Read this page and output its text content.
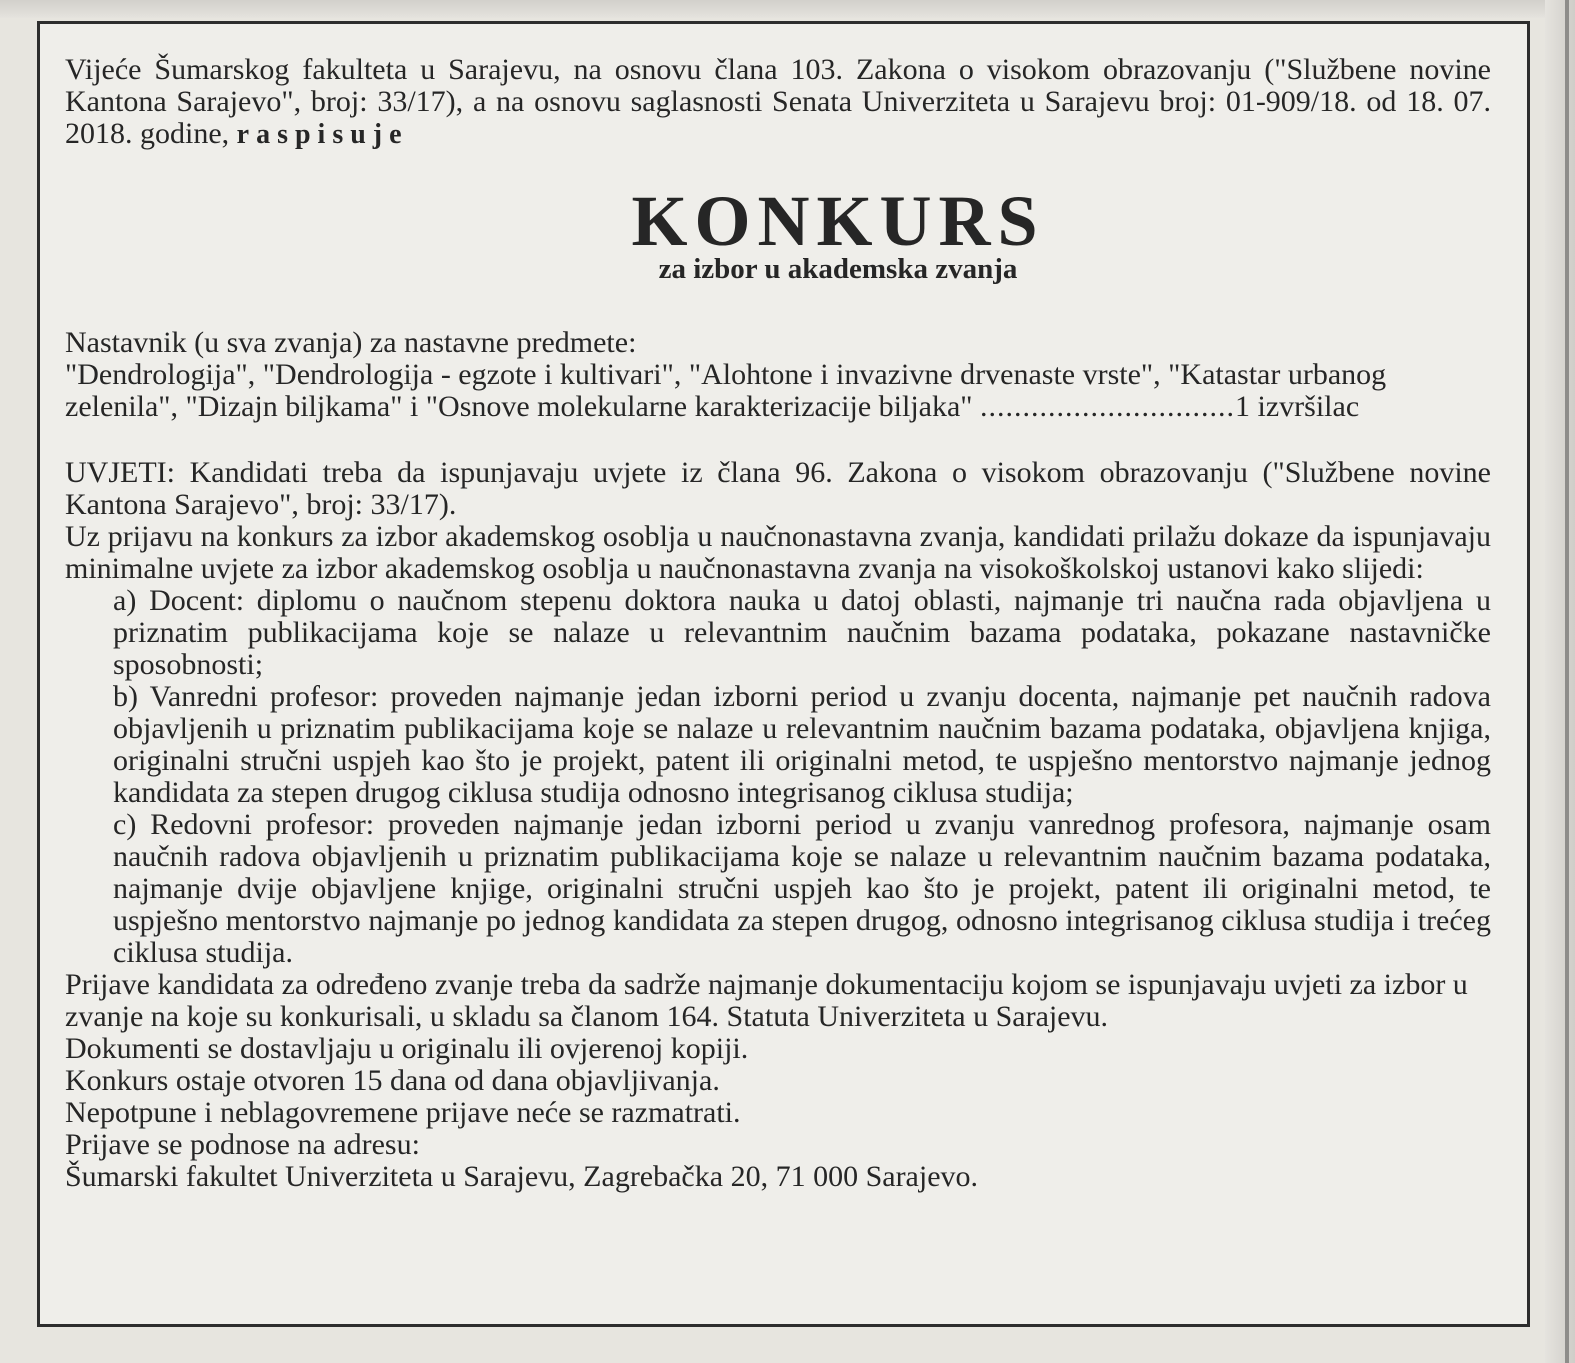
Vijeće Šumarskog fakulteta u Sarajevu, na osnovu člana 103. Zakona o visokom obrazovanju ("Službene novine Kantona Sarajevo", broj: 33/17), a na osnovu saglasnosti Senata Univerziteta u Sarajevu broj: 01-909/18. od 18. 07. 2018. godine, raspisuje

KONKURS

za izbor u akademska zvanja

Nastavnik (u sva zvanja) za nastavne predmete:

"Dendrologija", "Dendrologija - egzote i kultivari", "Alohtone i invazivne drvenaste vrste", "Katastar urbanog zelenila", "Dizajn biljkama" i "Osnove molekularne karakterizacije biljaka" ..............................1 izvršilac

UVJETI: Kandidati treba da ispunjavaju uvjete iz člana 96. Zakona o visokom obrazovanju ("Službene novine Kantona Sarajevo", broj: 33/17).

Uz prijavu na konkurs za izbor akademskog osoblja u naučnonastavna zvanja, kandidati prilažu dokaze da ispunjavaju minimalne uvjete za izbor akademskog osoblja u naučnonastavna zvanja na visokoškolskoj ustanovi kako slijedi:

a) Docent: diplomu o naučnom stepenu doktora nauka u datoj oblasti, najmanje tri naučna rada objavljena u priznatim publikacijama koje se nalaze u relevantnim naučnim bazama podataka, pokazane nastavničke sposobnosti;

b) Vanredni profesor: proveden najmanje jedan izborni period u zvanju docenta, najmanje pet naučnih radova objavljenih u priznatim publikacijama koje se nalaze u relevantnim naučnim bazama podataka, objavljena knjiga, originalni stručni uspjeh kao što je projekt, patent ili originalni metod, te uspješno mentorstvo najmanje jednog kandidata za stepen drugog ciklusa studija odnosno integrisanog ciklusa studija;

c) Redovni profesor: proveden najmanje jedan izborni period u zvanju vanrednog profesora, najmanje osam naučnih radova objavljenih u priznatim publikacijama koje se nalaze u relevantnim naučnim bazama podataka, najmanje dvije objavljene knjige, originalni stručni uspjeh kao što je projekt, patent ili originalni metod, te uspješno mentorstvo najmanje po jednog kandidata za stepen drugog, odnosno integrisanog ciklusa studija i trećeg ciklusa studija.

Prijave kandidata za određeno zvanje treba da sadrže najmanje dokumentaciju kojom se ispunjavaju uvjeti za izbor u zvanje na koje su konkurisali, u skladu sa članom 164. Statuta Univerziteta u Sarajevu.

Dokumenti se dostavljaju u originalu ili ovjerenoj kopiji.

Konkurs ostaje otvoren 15 dana od dana objavljivanja.

Nepotpune i neblagovremene prijave neće se razmatrati.

Prijave se podnose na adresu:

Šumarski fakultet Univerziteta u Sarajevu, Zagrebačka 20, 71 000 Sarajevo.
